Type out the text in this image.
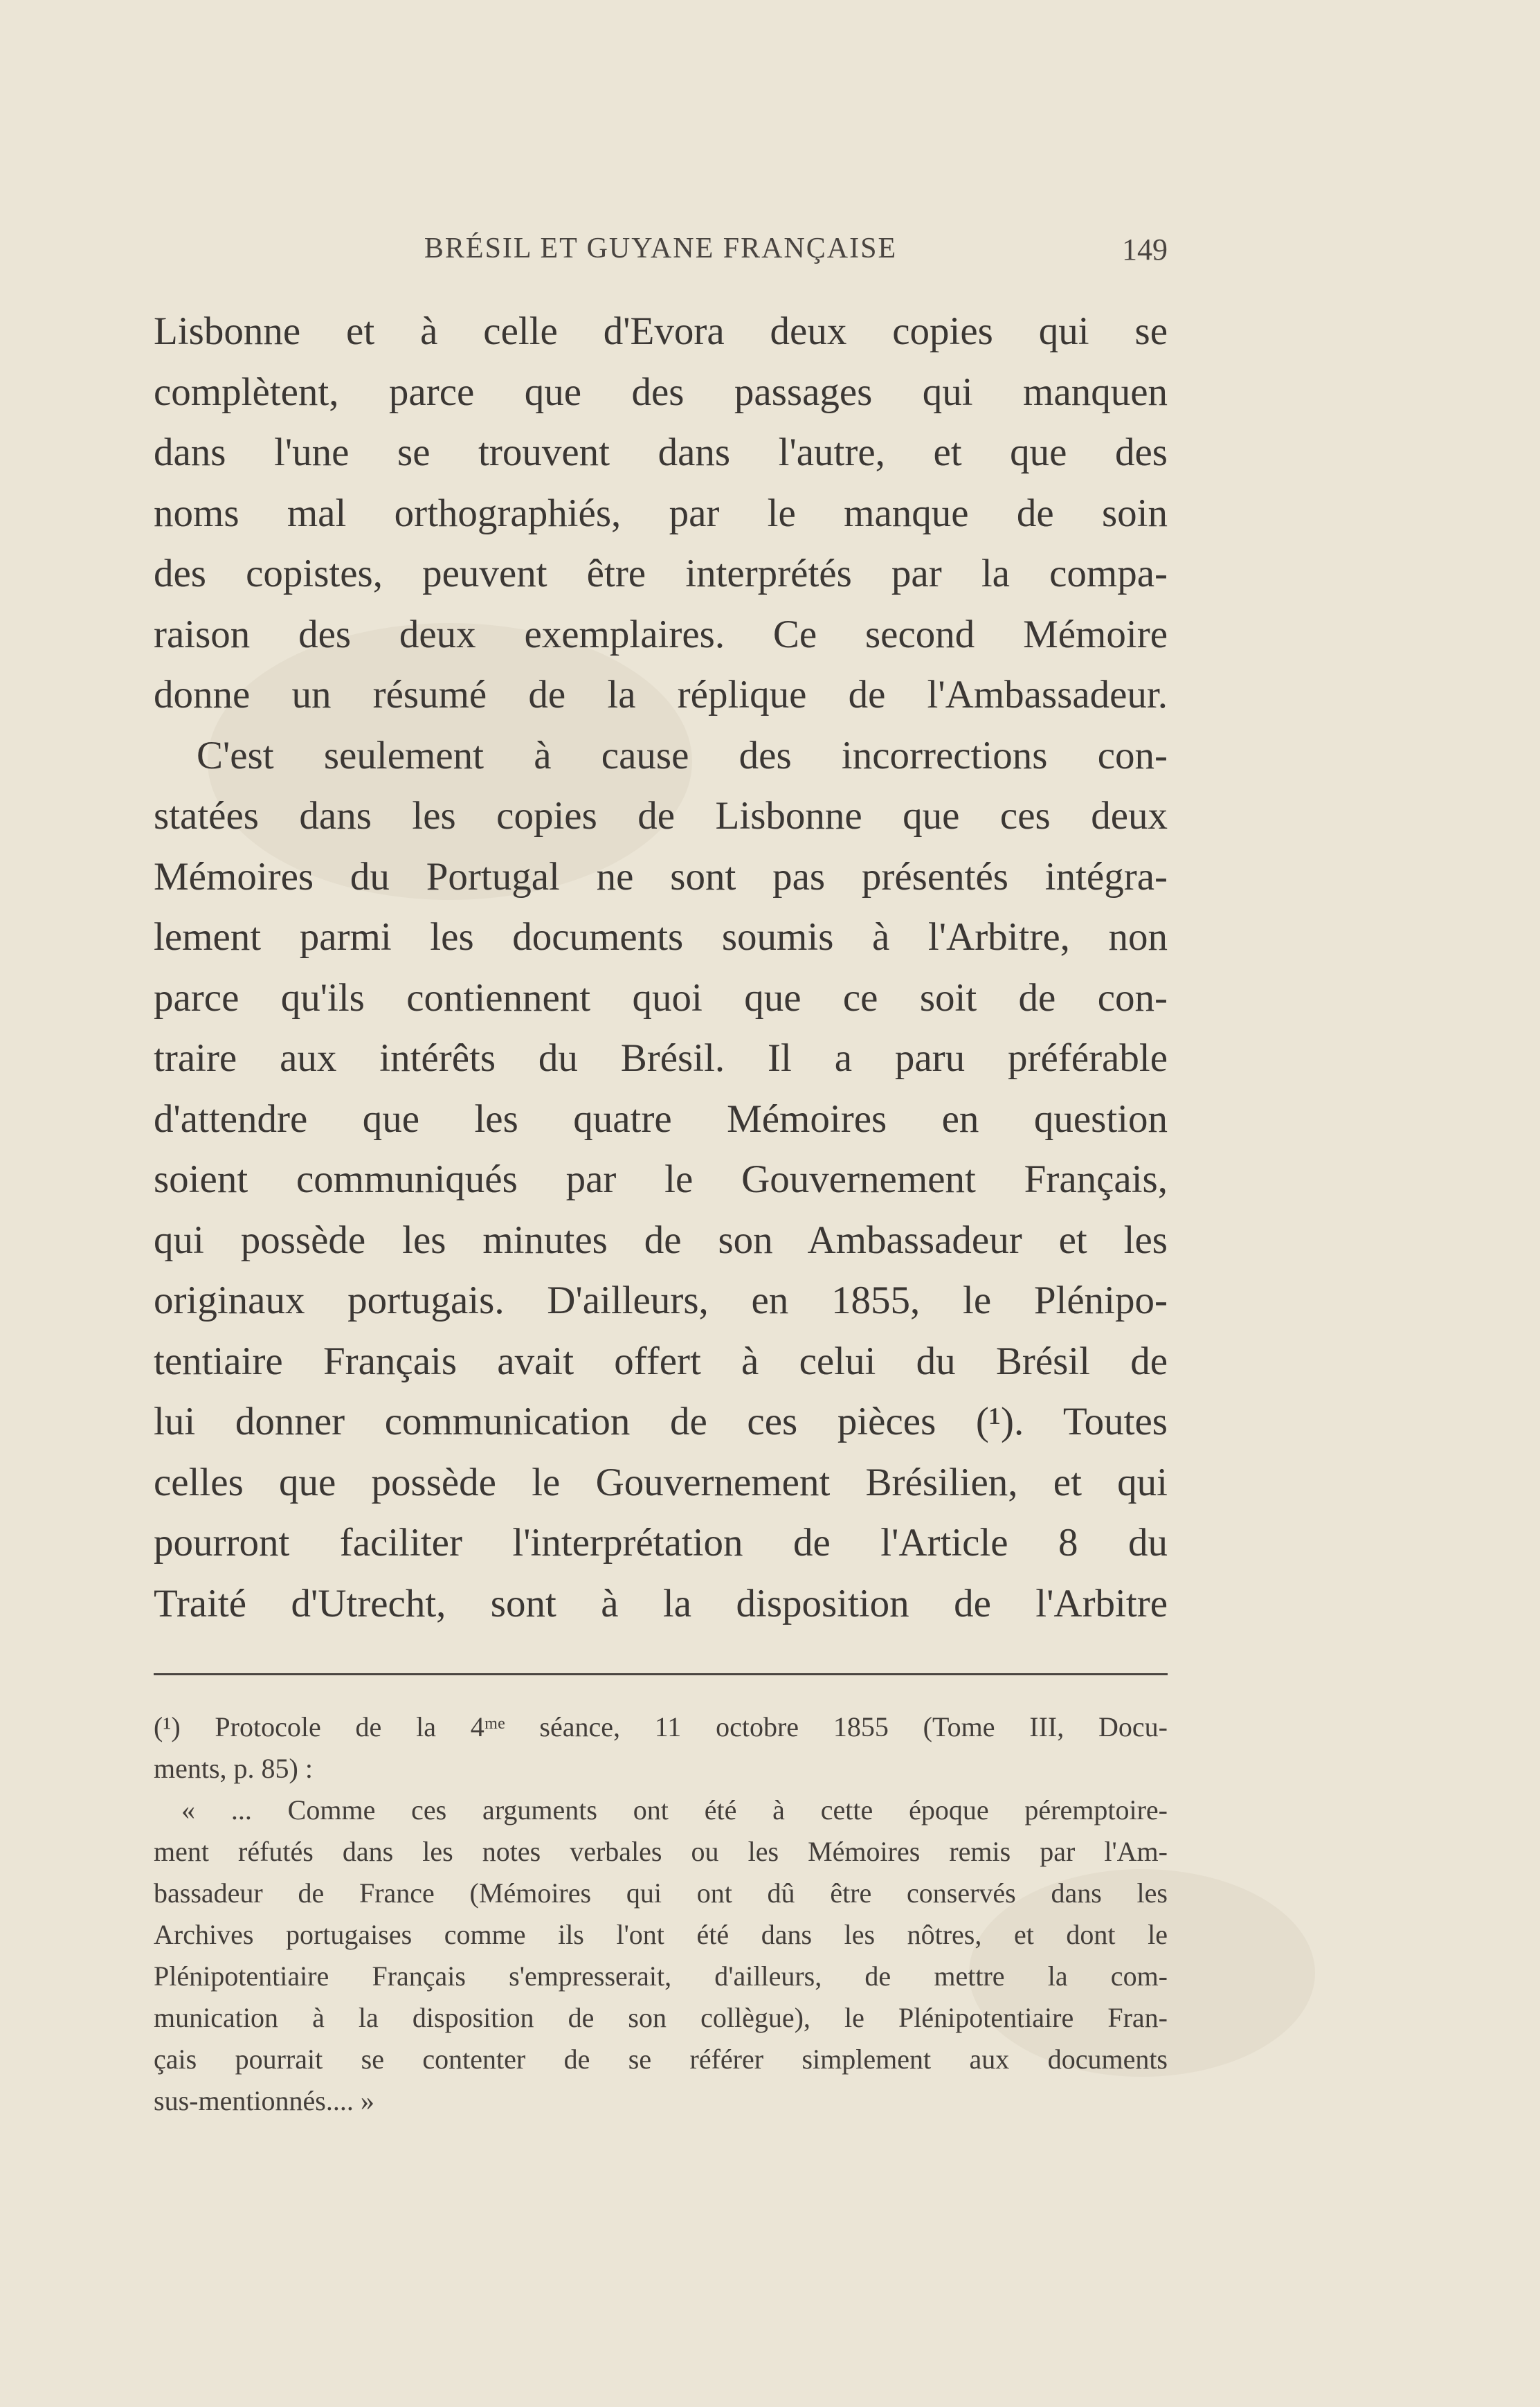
BRÉSIL ET GUYANE FRANÇAISE	149
Lisbonne et à celle d'Evora deux copies qui se
complètent, parce que des passages qui manquen
dans l'une se trouvent dans l'autre, et que des
noms mal orthographiés, par le manque de soin
des copistes, peuvent être interprétés par la compa-
raison des deux exemplaires. Ce second Mémoire
donne un résumé de la réplique de l'Ambassadeur.
C'est seulement à cause des incorrections con-
statées dans les copies de Lisbonne que ces deux
Mémoires du Portugal ne sont pas présentés intégra-
lement parmi les documents soumis à l'Arbitre, non
parce qu'ils contiennent quoi que ce soit de con-
traire aux intérêts du Brésil. Il a paru préférable
d'attendre que les quatre Mémoires en question
soient communiqués par le Gouvernement Français,
qui possède les minutes de son Ambassadeur et les
originaux portugais. D'ailleurs, en 1855, le Plénipo-
tentiaire Français avait offert à celui du Brésil de
lui donner communication de ces pièces (¹). Toutes
celles que possède le Gouvernement Brésilien, et qui
pourront faciliter l'interprétation de l'Article 8 du
Traité d'Utrecht, sont à la disposition de l'Arbitre
(¹) Protocole de la 4ᵐᵉ séance, 11 octobre 1855 (Tome III, Docu-
ments, p. 85) :
« ... Comme ces arguments ont été à cette époque péremptoire-
ment réfutés dans les notes verbales ou les Mémoires remis par l'Am-
bassadeur de France (Mémoires qui ont dû être conservés dans les
Archives portugaises comme ils l'ont été dans les nôtres, et dont le
Plénipotentiaire Français s'empresserait, d'ailleurs, de mettre la com-
munication à la disposition de son collègue), le Plénipotentiaire Fran-
çais pourrait se contenter de se référer simplement aux documents
sus-mentionnés.... »
